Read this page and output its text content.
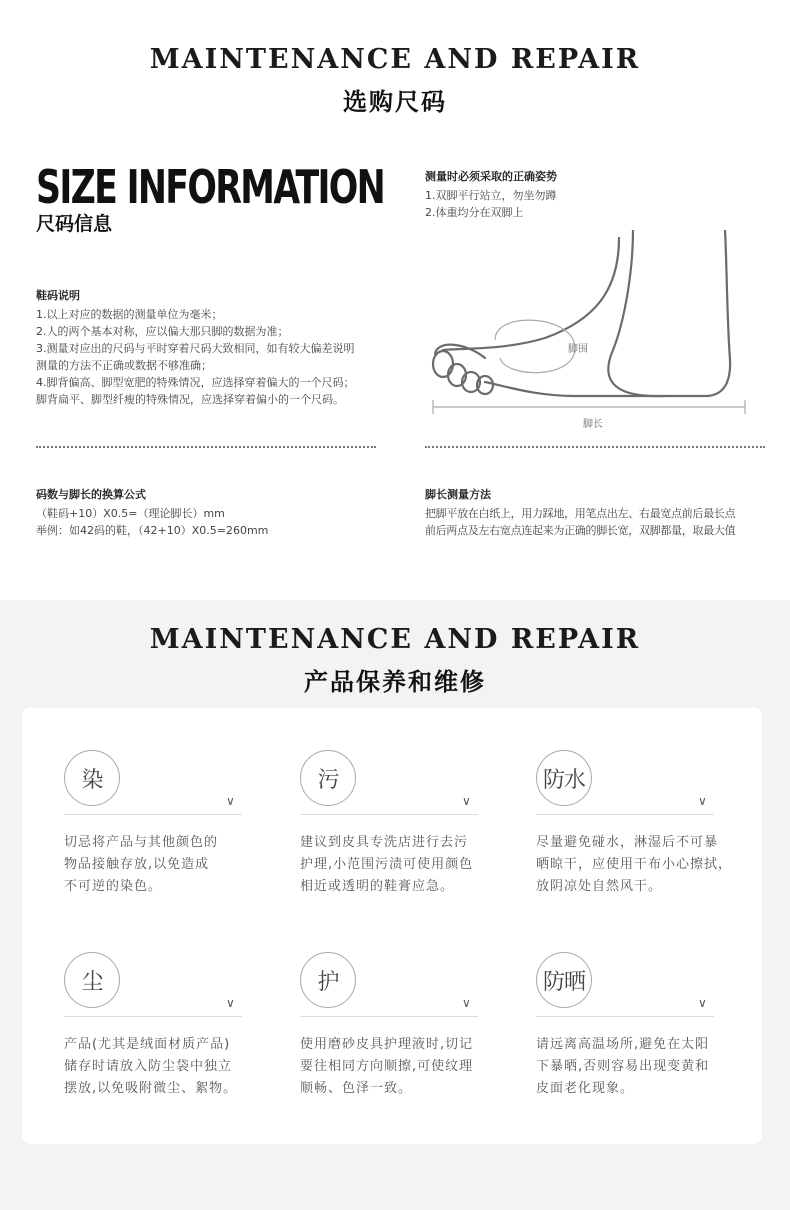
MAINTENANCE AND REPAIR
选购尺码
SIZE INFORMATION
尺码信息
测量时必须采取的正确姿势
1.双脚平行站立，勿坐勿蹲
2.体重均分在双脚上
鞋码说明
1.以上对应的数据的测量单位为毫米；
2.人的两个基本对称，应以偏大那只脚的数据为准；
3.测量对应出的尺码与平时穿着尺码大致相同，如有较大偏差说明
测量的方法不正确或数据不够准确；
4.脚背偏高、脚型宽肥的特殊情况，应选择穿着偏大的一个尺码；
脚背扁平、脚型纤瘦的特殊情况，应选择穿着偏小的一个尺码。
脚围
脚长
码数与脚长的换算公式
（鞋码+10）X0.5=（理论脚长）mm
举例：如42码的鞋，（42+10）X0.5=260mm
脚长测量方法
把脚平放在白纸上，用力踩地，用笔点出左、右最宽点前后最长点
前后两点及左右宽点连起来为正确的脚长宽，双脚都量，取最大值
MAINTENANCE AND REPAIR
产品保养和维修
染
∨
切忌将产品与其他颜色的
物品接触存放,以免造成
不可逆的染色。
污
∨
建议到皮具专洗店进行去污
护理,小范围污渍可使用颜色
相近或透明的鞋膏应急。
防水
∨
尽量避免碰水，淋湿后不可暴
晒晾干，应使用干布小心擦拭，
放阴凉处自然风干。
尘
∨
产品(尤其是绒面材质产品)
储存时请放入防尘袋中独立
摆放,以免吸附微尘、絮物。
护
∨
使用磨砂皮具护理液时,切记
要往相同方向顺擦,可使纹理
顺畅、色泽一致。
防晒
∨
请远离高温场所,避免在太阳
下暴晒,否则容易出现变黄和
皮面老化现象。
